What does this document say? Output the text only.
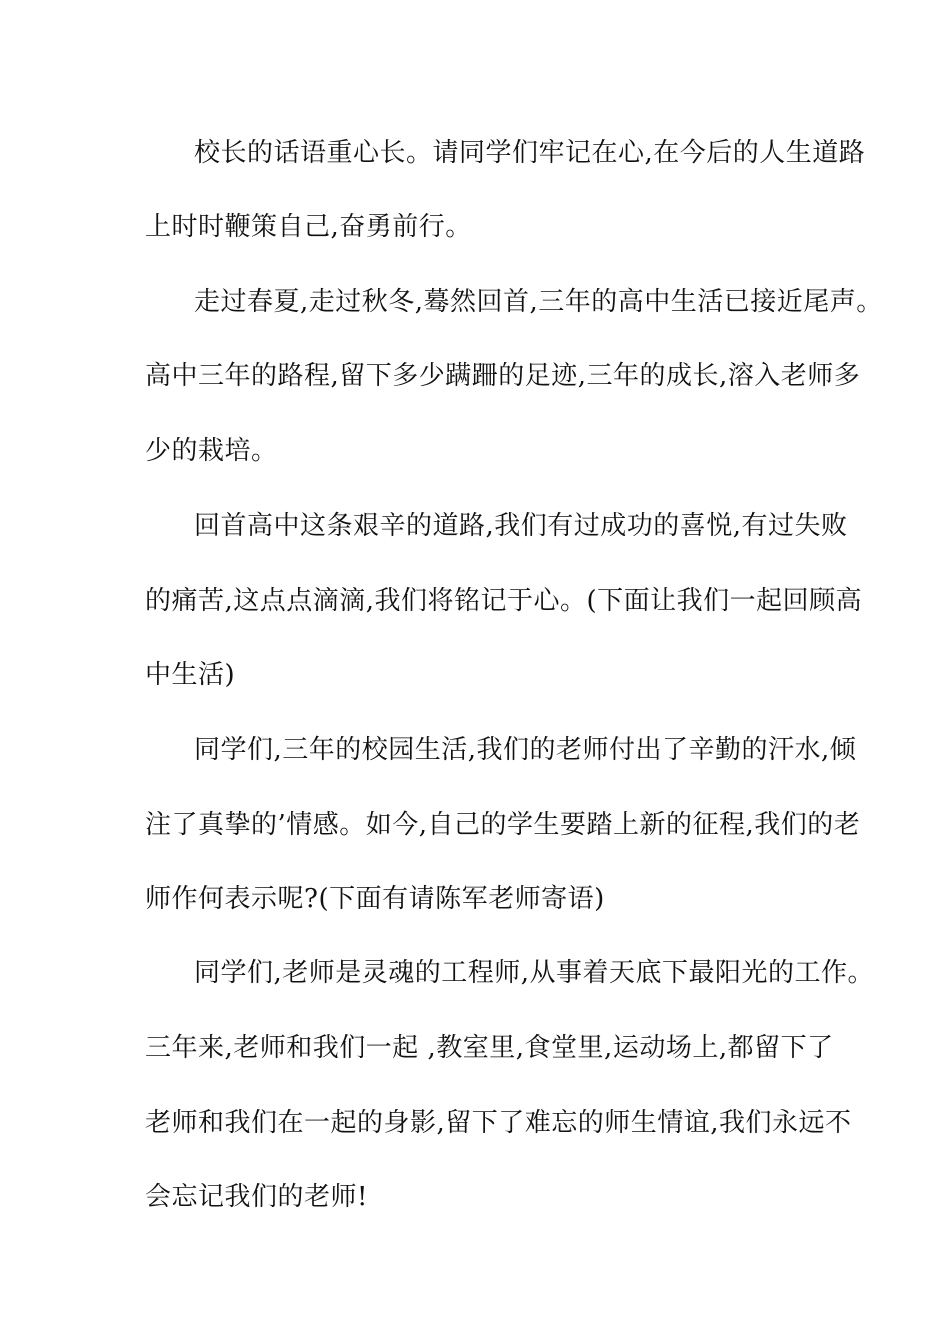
校长的话语重心长。请同学们牢记在心,在今后的人生道路
上时时鞭策自己,奋勇前行。
走过春夏,走过秋冬,蓦然回首,三年的高中生活已接近尾声。
高中三年的路程,留下多少蹒跚的足迹,三年的成长,溶入老师多
少的栽培。
回首高中这条艰辛的道路,我们有过成功的喜悦,有过失败
的痛苦,这点点滴滴,我们将铭记于心。(下面让我们一起回顾高
中生活)
同学们,三年的校园生活,我们的老师付出了辛勤的汗水,倾
注了真挚的’情感。如今,自己的学生要踏上新的征程,我们的老
师作何表示呢?(下面有请陈军老师寄语)
同学们,老师是灵魂的工程师,从事着天底下最阳光的工作。
三年来,老师和我们一起 ,教室里,食堂里,运动场上,都留下了
老师和我们在一起的身影,留下了难忘的师生情谊,我们永远不
会忘记我们的老师!
